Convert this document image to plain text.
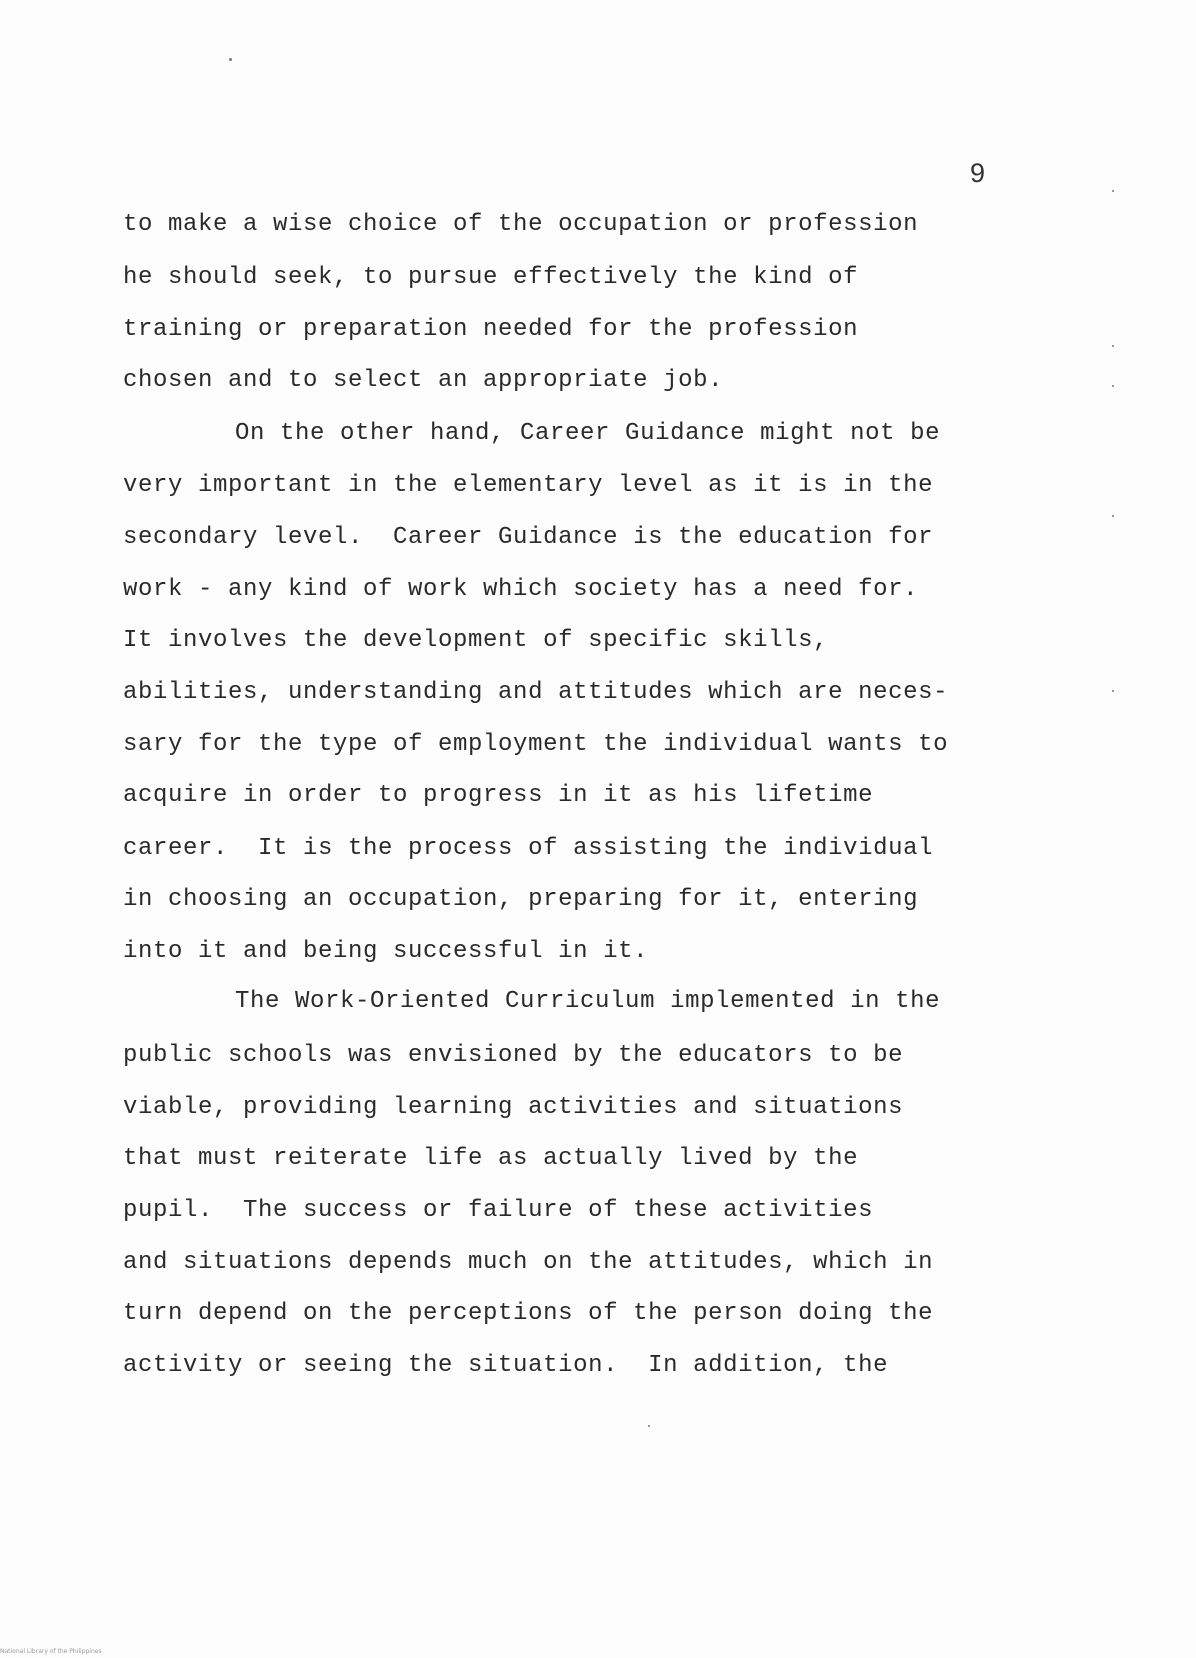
9
to make a wise choice of the occupation or profession
he should seek, to pursue effectively the kind of
training or preparation needed for the profession
chosen and to select an appropriate job.
On the other hand, Career Guidance might not be
very important in the elementary level as it is in the
secondary level.  Career Guidance is the education for
work - any kind of work which society has a need for.
It involves the development of specific skills,
abilities, understanding and attitudes which are neces-
sary for the type of employment the individual wants to
acquire in order to progress in it as his lifetime
career.  It is the process of assisting the individual
in choosing an occupation, preparing for it, entering
into it and being successful in it.
The Work-Oriented Curriculum implemented in the
public schools was envisioned by the educators to be
viable, providing learning activities and situations
that must reiterate life as actually lived by the
pupil.  The success or failure of these activities
and situations depends much on the attitudes, which in
turn depend on the perceptions of the person doing the
activity or seeing the situation.  In addition, the
National Library of the Philippines
